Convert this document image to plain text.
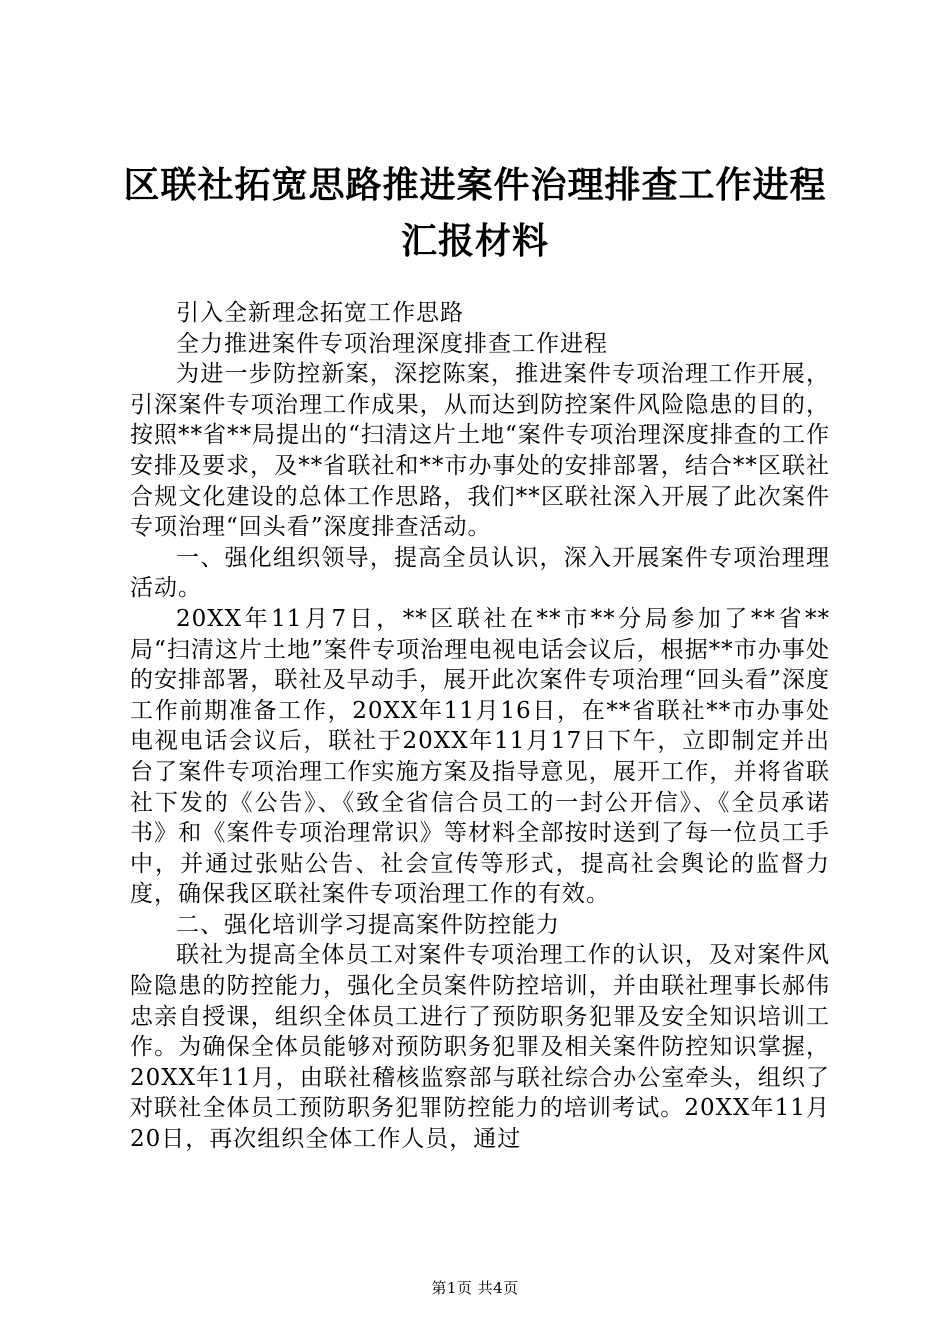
区联社拓宽思路推进案件治理排查工作进程汇报材料

引入全新理念拓宽工作思路

全力推进案件专项治理深度排查工作进程

为进一步防控新案，深挖陈案，推进案件专项治理工作开展，引深案件专项治理工作成果，从而达到防控案件风险隐患的目的，按照**省**局提出的“扫清这片土地“案件专项治理深度排查的工作安排及要求，及**省联社和**市办事处的安排部署，结合**区联社合规文化建设的总体工作思路，我们**区联社深入开展了此次案件专项治理“回头看”深度排查活动。

一、强化组织领导，提高全员认识，深入开展案件专项治理理活动。

20XX年11月7日，**区联社在**市**分局参加了**省**局“扫清这片土地”案件专项治理电视电话会议后，根据**市办事处的安排部署，联社及早动手，展开此次案件专项治理“回头看”深度工作前期准备工作，20XX年11月16日，在**省联社**市办事处电视电话会议后，联社于20XX年11月17日下午，立即制定并出台了案件专项治理工作实施方案及指导意见，展开工作，并将省联社下发的《公告》、《致全省信合员工的一封公开信》、《全员承诺书》和《案件专项治理常识》等材料全部按时送到了每一位员工手中，并通过张贴公告、社会宣传等形式，提高社会舆论的监督力度，确保我区联社案件专项治理工作的有效。

二、强化培训学习提高案件防控能力

联社为提高全体员工对案件专项治理工作的认识，及对案件风险隐患的防控能力，强化全员案件防控培训，并由联社理事长郝伟忠亲自授课，组织全体员工进行了预防职务犯罪及安全知识培训工作。为确保全体员能够对预防职务犯罪及相关案件防控知识掌握，20XX年11月，由联社稽核监察部与联社综合办公室牵头，组织了对联社全体员工预防职务犯罪防控能力的培训考试。20XX年11月20日，再次组织全体工作人员，通过

第1页 共4页
